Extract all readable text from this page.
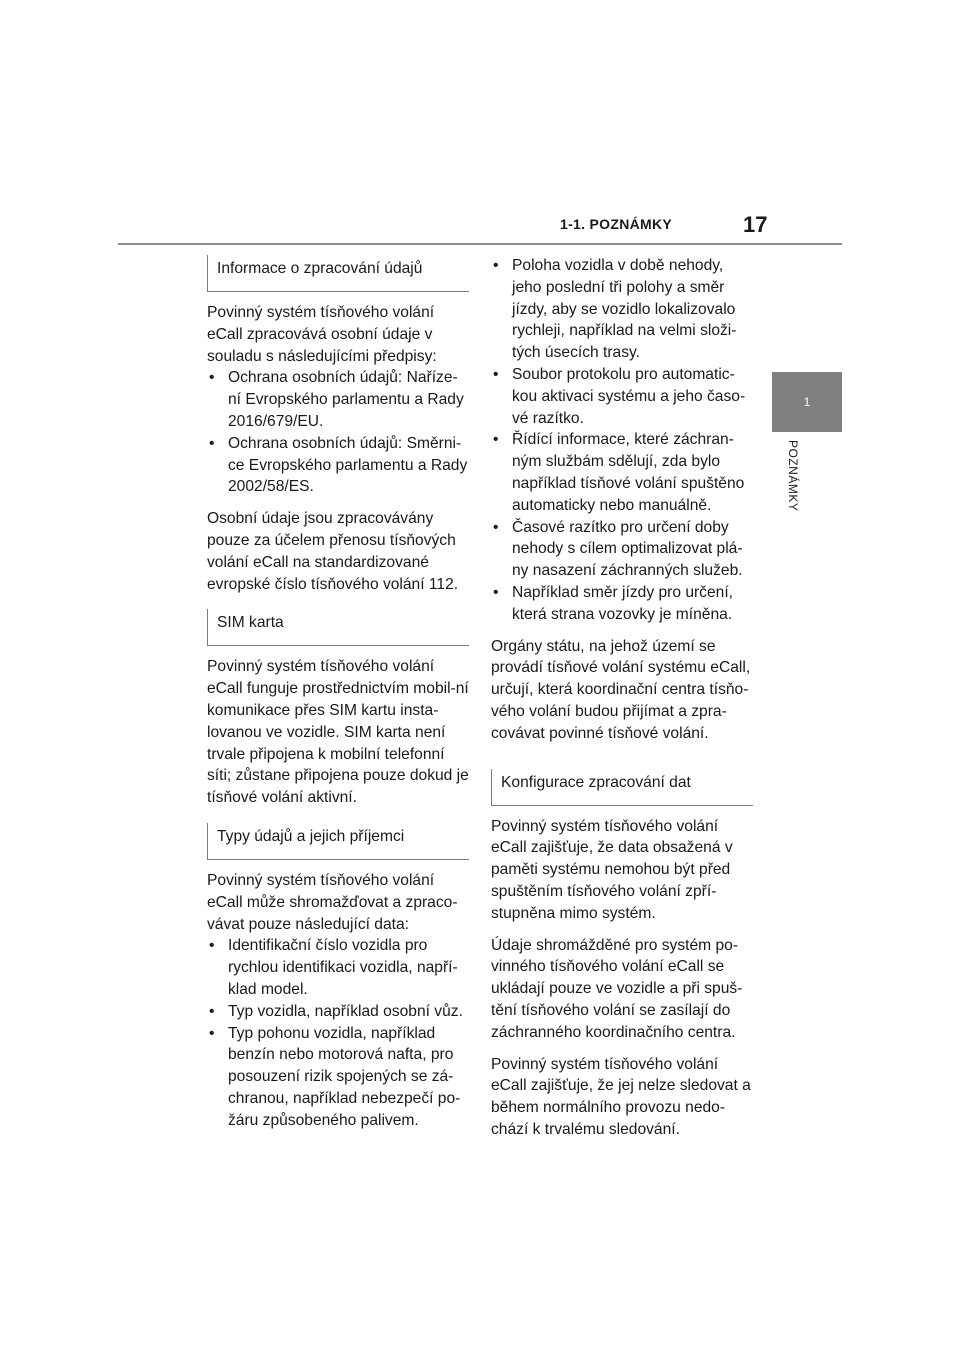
1-1. POZNÁMKY	17
1
POZNÁMKY
Informace o zpracování údajů

Povinný systém tísňového volání eCall zpracovává osobní údaje v souladu s následujícími předpisy:

• Ochrana osobních údajů: Naříze-ní Evropského parlamentu a Rady 2016/679/EU.
• Ochrana osobních údajů: Směrni-ce Evropského parlamentu a Rady 2002/58/ES.

Osobní údaje jsou zpracovávány pouze za účelem přenosu tísňových volání eCall na standardizované evropské číslo tísňového volání 112.

SIM karta

Povinný systém tísňového volání eCall funguje prostřednictvím mobil-ní komunikace přes SIM kartu insta-lovanou ve vozidle. SIM karta není trvale připojena k mobilní telefonní síti; zůstane připojena pouze dokud je tísňové volání aktivní.

Typy údajů a jejich příjemci

Povinný systém tísňového volání eCall může shromažďovat a zpraco-vávat pouze následující data:

• Identifikační číslo vozidla pro rychlou identifikaci vozidla, napří-klad model.
• Typ vozidla, například osobní vůz.
• Typ pohonu vozidla, například benzín nebo motorová nafta, pro posouzení rizik spojených se zá-chranou, například nebezpečí po-žáru způsobeného palivem.
• Poloha vozidla v době nehody, jeho poslední tři polohy a směr jízdy, aby se vozidlo lokalizovalo rychleji, například na velmi složi-tých úsecích trasy.
• Soubor protokolu pro automatic-kou aktivaci systému a jeho časo-vé razítko.
• Řídící informace, které záchran-ným službám sdělují, zda bylo například tísňové volání spuštěno automaticky nebo manuálně.
• Časové razítko pro určení doby nehody s cílem optimalizovat plá-ny nasazení záchranných služeb.
• Například směr jízdy pro určení, která strana vozovky je míněna.

Orgány státu, na jehož území se provádí tísňové volání systému eCall, určují, která koordinační centra tísňo-vého volání budou přijímat a zpra-covávat povinné tísňové volání.

Konfigurace zpracování dat

Povinný systém tísňového volání eCall zajišťuje, že data obsažená v paměti systému nemohou být před spuštěním tísňového volání zpří-stupněna mimo systém.

Údaje shromážděné pro systém po-vinného tísňového volání eCall se ukládají pouze ve vozidle a při spuš-tění tísňového volání se zasílají do záchranného koordinačního centra.

Povinný systém tísňového volání eCall zajišťuje, že jej nelze sledovat a během normálního provozu nedo-chází k trvalému sledování.
